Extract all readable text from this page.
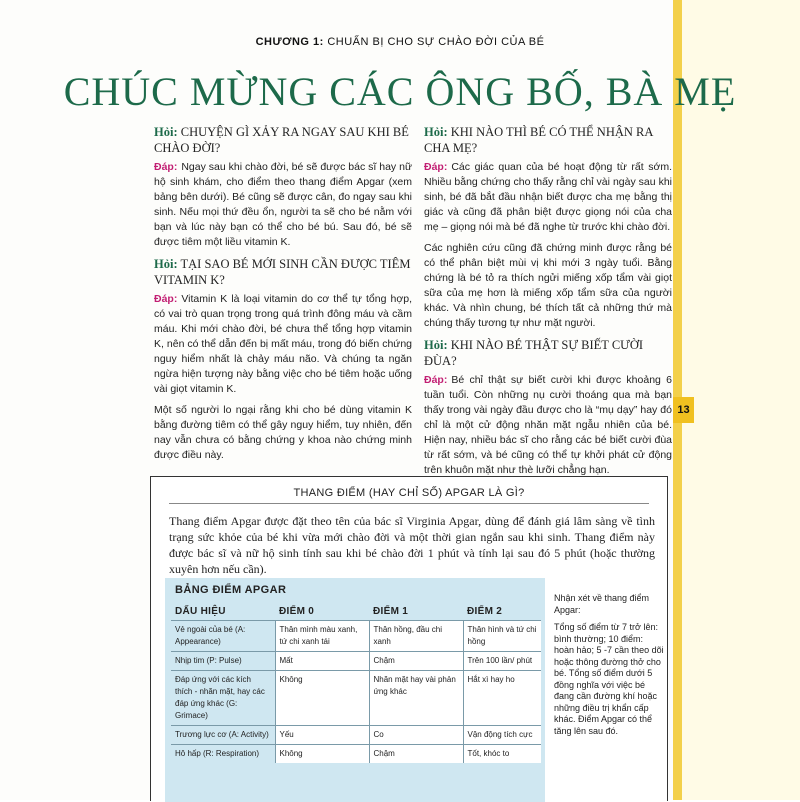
13
CHƯƠNG 1: CHUẨN BỊ CHO SỰ CHÀO ĐỜI CỦA BÉ
CHÚC MỪNG CÁC ÔNG BỐ, BÀ MẸ
Hỏi: CHUYỆN GÌ XẢY RA NGAY SAU KHI BÉ CHÀO ĐỜI?

Đáp: Ngay sau khi chào đời, bé sẽ được bác sĩ hay nữ hộ sinh khám, cho điểm theo thang điểm Apgar (xem bảng bên dưới). Bé cũng sẽ được cân, đo ngay sau khi sinh. Nếu mọi thứ đều ổn, người ta sẽ cho bé nằm với bạn và lúc này bạn có thể cho bé bú. Sau đó, bé sẽ được tiêm một liều vitamin K.

Hỏi: TẠI SAO BÉ MỚI SINH CẦN ĐƯỢC TIÊM VITAMIN K?

Đáp: Vitamin K là loại vitamin do cơ thể tự tổng hợp, có vai trò quan trọng trong quá trình đông máu và cầm máu. Khi mới chào đời, bé chưa thể tổng hợp vitamin K, nên có thể dẫn đến bị mất máu, trong đó biến chứng nguy hiểm nhất là chảy máu não. Và chúng ta ngăn ngừa hiện tượng này bằng việc cho bé tiêm hoặc uống vài giọt vitamin K.

Một số người lo ngại rằng khi cho bé dùng vitamin K bằng đường tiêm có thể gây nguy hiểm, tuy nhiên, đến nay vẫn chưa có bằng chứng y khoa nào chứng minh được điều này.

Hỏi: KHI NÀO THÌ BÉ CÓ THỂ NHẬN RA CHA MẸ?

Đáp: Các giác quan của bé hoạt động từ rất sớm. Nhiều bằng chứng cho thấy rằng chỉ vài ngày sau khi sinh, bé đã bắt đầu nhận biết được cha mẹ bằng thị giác và cũng đã phân biệt được giọng nói của cha mẹ – giọng nói mà bé đã nghe từ trước khi chào đời.

Các nghiên cứu cũng đã chứng minh được rằng bé có thể phân biệt mùi vị khi mới 3 ngày tuổi. Bằng chứng là bé tỏ ra thích ngửi miếng xốp tẩm vài giọt sữa của mẹ hơn là miếng xốp tẩm sữa của người khác. Và nhìn chung, bé thích tất cả những thứ mà chúng thấy tương tự như mặt người.

Hỏi: KHI NÀO BÉ THẬT SỰ BIẾT CƯỜI ĐÙA?

Đáp: Bé chỉ thật sự biết cười khi được khoảng 6 tuần tuổi. Còn những nụ cười thoáng qua mà bạn thấy trong vài ngày đầu được cho là “mụ dạy” hay đó chỉ là một cử động nhăn mặt ngẫu nhiên của bé. Hiện nay, nhiều bác sĩ cho rằng các bé biết cười đùa từ rất sớm, và bé cũng có thể tự khởi phát cử động trên khuôn mặt như thè lưỡi chẳng hạn.

THANG ĐIỂM (HAY CHỈ SỐ) APGAR LÀ GÌ?
Thang điểm Apgar được đặt theo tên của bác sĩ Virginia Apgar, dùng để đánh giá lâm sàng về tình trạng sức khỏe của bé khi vừa mới chào đời và một thời gian ngắn sau khi sinh. Thang điểm này được bác sĩ và nữ hộ sinh tính sau khi bé chào đời 1 phút và tính lại sau đó 5 phút (hoặc thường xuyên hơn nếu cần).
BẢNG ĐIỂM APGAR
DẤU HIỆU	ĐIỂM 0	ĐIỂM 1	ĐIỂM 2
Vẻ ngoài của bé (A: Appearance)	Thân mình màu xanh, tứ chi xanh tái	Thân hồng, đầu chi xanh	Thân hình và tứ chi hồng
Nhịp tim (P: Pulse)	Mất	Chậm	Trên 100 lần/ phút
Đáp ứng với các kích thích - nhăn mặt, hay các đáp ứng khác (G: Grimace)	Không	Nhăn mặt hay vài phản ứng khác	Hắt xì hay ho
Trương lực cơ (A: Activity)	Yếu	Co	Vận động tích cực
Hô hấp (R: Respiration)	Không	Chậm	Tốt, khóc to
Nhận xét về thang điểm Apgar:
Tổng số điểm từ 7 trở lên: bình thường; 10 điểm: hoàn hảo; 5 -7 cần theo dõi hoặc thông đường thở cho bé. Tổng số điểm dưới 5 đồng nghĩa với việc bé đang cần đường khí hoặc những điều trị khẩn cấp khác. Điểm Apgar có thể tăng lên sau đó.
